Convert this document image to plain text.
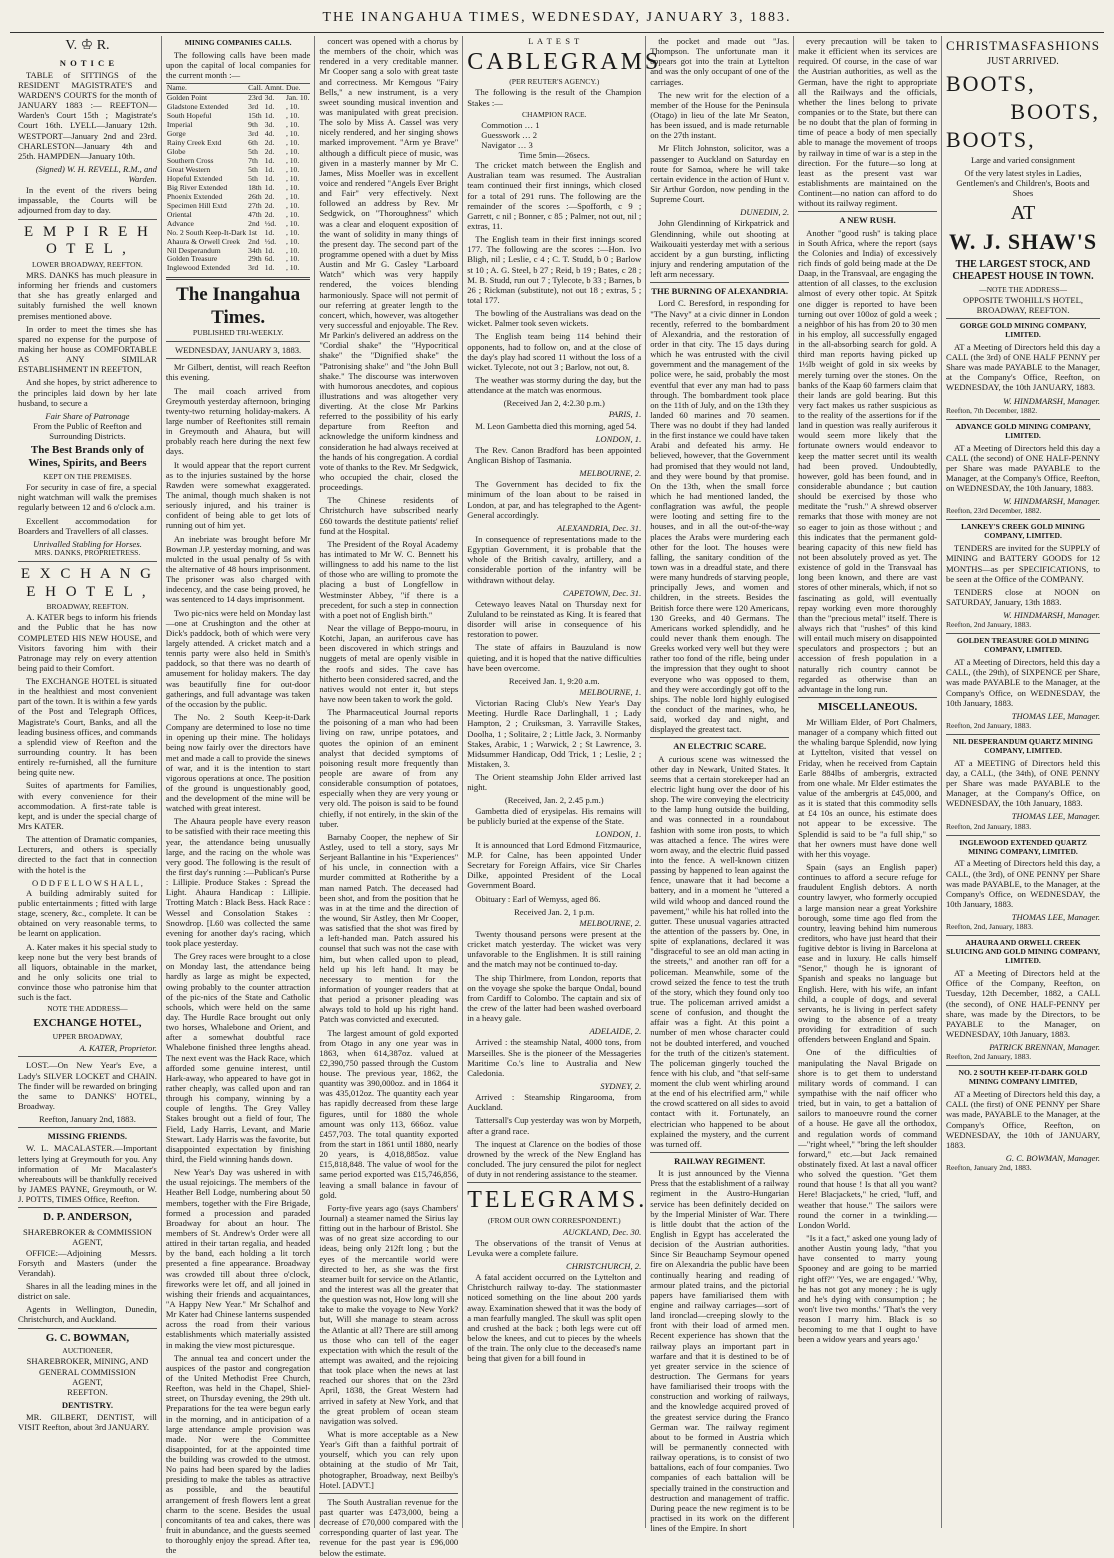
THE INANGAHUA TIMES, WEDNESDAY, JANUARY 3, 1883.
V. ♔ R.
N O T I C E

TABLE of SITTINGS of the RESIDENT MAGISTRATE'S and WARDEN'S COURTS for the month of JANUARY 1883 :— REEFTON—Warden's Court 15th ; Magistrate's Court 16th. LYELL—January 12th. WESTPORT—January 2nd and 23rd. CHARLESTON—January 4th and 25th. HAMPDEN—January 10th.

(Signed) W. H. REVELL, R.M., and Warden.

In the event of the rivers being impassable, the Courts will be adjourned from day to day.

E M P I R E H O T E L ,
LOWER BROADWAY, REEFTON.

MRS. DANKS has much pleasure in informing her friends and customers that she has greatly enlarged and suitably furnished the well known premises mentioned above.

In order to meet the times she has spared no expense for the purpose of making her house as COMFORTABLE AS ANY SIMILAR ESTABLISHMENT IN REEFTON,

And she hopes, by strict adherence to the principles laid down by her late husband, to secure a

Fair Share of Patronage
From the Public of Reefton and Surrounding Districts.
The Best Brands only of Wines, Spirits, and Beers
KEPT ON THE PREMISES.

For security in case of fire, a special night watchman will walk the premises regularly between 12 and 6 o'clock a.m.

Excellent accommodation for Boarders and Travellers of all classes.

Unrivalled Stabling for Horses.
MRS. DANKS, PROPRIETRESS.
E X C H A N G E H O T E L ,
BROADWAY, REEFTON.

A. KATER begs to inform his friends and the Public that he has now COMPLETED HIS NEW HOUSE, and Visitors favoring him with their Patronage may rely on every attention being paid to their Comfort.

The EXCHANGE HOTEL is situated in the healthiest and most convenient part of the town. It is within a few yards of the Post and Telegraph Offices, Magistrate's Court, Banks, and all the leading business offices, and commands a splendid view of Reefton and the surrounding country. It has been entirely re-furnished, all the furniture being quite new.

Suites of apartments for Families, with every convenience for their accommodation. A first-rate table is kept, and is under the special charge of Mrs KATER.

The attention of Dramatic companies, Lecturers, and others is specially directed to the fact that in connection with the hotel is the

O D D F E L L O W S H A L L ,

A building admirably suited for public entertainments ; fitted with large stage, scenery, &c., complete. It can be obtained on very reasonable terms, to be learnt on application.

A. Kater makes it his special study to keep none but the very best brands of all liquors, obtainable in the market, and he only solicits one trial to convince those who patronise him that such is the fact.

NOTE THE ADDRESS—
EXCHANGE HOTEL,
UPPER BROADWAY,
A. KATER, Proprietor.

LOST.—On New Year's Eve, a Lady's SILVER LOCKET and CHAIN. The finder will be rewarded on bringing the same to DANKS' HOTEL, Broadway.

Reefton, January 2nd, 1883.
MISSING FRIENDS.

W. L. MACALASTER.—Important letters lying at Greymouth for you. Any information of Mr Macalaster's whereabouts will be thankfully received by JAMES PAYNE, Greymouth, or W. J. POTTS, TIMES Office, Reefton.

D. P. ANDERSON,
SHAREBROKER & COMMISSION AGENT,

OFFICE:—Adjoining Messrs. Forsyth and Masters (under the Verandah).

Shares in all the leading mines in the district on sale.

Agents in Wellington, Dunedin, Christchurch, and Auckland.

G. C. BOWMAN,
AUCTIONEER,
SHAREBROKER, MINING, AND
GENERAL COMMISSION
AGENT,
REEFTON.
DENTISTRY.

MR. GILBERT, DENTIST, will VISIT Reefton, about 3rd JANUARY.

MINING COMPANIES CALLS.

The following calls have been made upon the capital of local companies for the current month :—

Name.	Call.	Amnt.	Due.
Golden Point	23rd	3d.	Jan. 10.
Gladstone Extended	3rd	1d.	, 10.
South Hopeful	15th	1d.	, 10.
Imperial	9th	3d.	, 10.
Gorge	3rd	4d.	, 10.
Rainy Creek Extd	6th	2d.	, 10.
Globe	5th	2d.	, 10.
Southern Cross	7th	1d.	, 10.
Great Western	5th	1d.	, 10.
Hopeful Extended	5th	1d.	, 10.
Big River Extended	18th	1d.	, 10.
Phoenix Extended	26th	2d.	, 10.
Specimen Hill Extd	27th	2d.	, 10.
Oriental	47th	2d.	, 10.
Advance	2nd	½d.	, 10.
No. 2 South Keep-It-Dark	1st	1d.	, 10.
Ahaura & Orwell Creek	2nd	½d.	, 10.
Nil Desperandum	34th	1d.	, 10.
Golden Treasure	29th	6d.	, 10.
Inglewood Extended	3rd	1d.	, 10.
The Inangahua Times.
PUBLISHED TRI-WEEKLY.
WEDNESDAY, JANUARY 3, 1883.

Mr Gilbert, dentist, will reach Reefton this evening.

The mail coach arrived from Greymouth yesterday afternoon, bringing twenty-two returning holiday-makers. A large number of Reeftonites still remain in Greymouth and Ahaura, but will probably reach here during the next few days.

It would appear that the report current as to the injuries sustained by the horse Rawden were somewhat exaggerated. The animal, though much shaken is not seriously injured, and his trainer is confident of being able to get lots of running out of him yet.

An inebriate was brought before Mr Bowman J.P. yesterday morning, and was mulcted in the usual penalty of 5s with the alternative of 48 hours imprisonment. The prisoner was also charged with indecency, and the case being proved, he was sentenced to 14 days imprisonment.

Two pic-nics were held on Monday last—one at Crushington and the other at Dick's paddock, both of which were very largely attended. A cricket match and a tennis party were also held in Smith's paddock, so that there was no dearth of amusement for holiday makers. The day was beautifully fine for out-door gatherings, and full advantage was taken of the occasion by the public.

The No. 2 South Keep-it-Dark Company are determined to lose no time in opening up their mine. The holidays being now fairly over the directors have met and made a call to provide the sinews of war, and it is the intention to start vigorous operations at once. The position of the ground is unquestionably good, and the development of the mine will be watched with great interest.

The Ahaura people have every reason to be satisfied with their race meeting this year, the attendance being unusually large, and the racing on the whole was very good. The following is the result of the first day's running :—Publican's Purse : Lillipie. Produce Stakes : Spread the Light. Ahaura Handicap : Lillipie. Trotting Match : Black Bess. Hack Race : Wessel and Consolation Stakes : Snowdrop. [L60 was collected the same evening for another day's racing, which took place yesterday.

The Grey races were brought to a close on Monday last, the attendance being hardly as large as might be expected, owing probably to the counter attraction of the pic-nics of the State and Catholic schools, which were held on the same day. The Hurdle Race brought out only two horses, Whalebone and Orient, and after a somewhat doubtful race Whalebone finished three lengths ahead. The next event was the Hack Race, which afforded some genuine interest, until Hark-away, who appeared to have got in rather cheaply, was called upon and ran through his company, winning by a couple of lengths. The Grey Valley Stakes brought out a field of four, The Field, Lady Harris, Levant, and Marie Stewart. Lady Harris was the favorite, but disappointed expectation by finishing third, the Field winning hands down.

New Year's Day was ushered in with the usual rejoicings. The members of the Heather Bell Lodge, numbering about 50 members, together with the Fire Brigade, formed a procession and paraded Broadway for about an hour. The members of St. Andrew's Order were all attired in their tartan regalia, and headed by the band, each holding a lit torch presented a fine appearance. Broadway was crowded till about three o'clock, fireworks were let off, and all joined in wishing their friends and acquaintances, "A Happy New Year." Mr Schalhof and Mr Kater had Chinese lanterns suspended across the road from their various establishments which materially assisted in making the view most picturesque.

The annual tea and concert under the auspices of the pastor and congregation of the United Methodist Free Church, Reefton, was held in the Chapel, Shiel-street, on Thursday evening, the 29th ult. Preparations for the tea were begun early in the morning, and in anticipation of a large attendance ample provision was made. Nor were the Committee disappointed, for at the appointed time the building was crowded to the utmost. No pains had been spared by the ladies presiding to make the tables as attractive as possible, and the beautiful arrangement of fresh flowers lent a great charm to the scene. Besides the usual concomitants of tea and cakes, there was fruit in abundance, and the guests seemed to thoroughly enjoy the spread. After tea, the

concert was opened with a chorus by the members of the choir, which was rendered in a very creditable manner. Mr Cooper sang a solo with great taste and correctness. Mr Kemgous "Fairy Bells," a new instrument, is a very sweet sounding musical invention and was manipulated with great precision. The solo by Miss A. Cassel was very nicely rendered, and her singing shows marked improvement. "Arm ye Brave" although a difficult piece of music, was given in a masterly manner by Mr C. James, Miss Moeller was in excellent voice and rendered "Angels Ever Bright and Fair" very effectively. Next followed an address by Rev. Mr Sedgwick, on "Thoroughness" which was a clear and eloquent exposition of the want of solidity in many things of the present day. The second part of the programme opened with a duet by Miss Austin and Mr G. Casley "Larboard Watch" which was very happily rendered, the voices blending harmoniously. Space will not permit of our referring at greater length to the concert, which, however, was altogether very successful and enjoyable. The Rev. Mr Parkin's delivered an address on the "Cordial shake" the "Hypocritical shake" the "Dignified shake" the "Patronising shake" and "the John Bull shake." The discourse was interwoven with humorous anecdotes, and copious illustrations and was altogether very diverting. At the close Mr Parkins referred to the possibility of his early departure from Reefton and acknowledge the uniform kindness and consideration he had always received at the hands of his congregation. A cordial vote of thanks to the Rev. Mr Sedgwick, who occupied the chair, closed the proceedings.

The Chinese residents of Christchurch have subscribed nearly £60 towards the destitute patients' relief fund at the Hospital.

The President of the Royal Academy has intimated to Mr W. C. Bennett his willingness to add his name to the list of those who are willing to promote the placing a bust of Longfellow in Westminster Abbey, "if there is a precedent, for such a step in connection with a poet not of English birth."

Near the village of Beppo-mouru, in Kotchi, Japan, an auriferous cave has been discovered in which strings and nuggets of metal are openly visible in the roofs and sides. The cave has hitherto been considered sacred, and the natives would not enter it, but steps have now been taken to work the gold.

The Pharmaceutical Journal reports the poisoning of a man who had been living on raw, unripe potatoes, and quotes the opinion of an eminent analyst that decided symptoms of poisoning result more frequently than people are aware of from any considerable consumption of potatoes, especially when they are very young or very old. The poison is said to be found chiefly, if not entirely, in the skin of the tuber.

Barnaby Cooper, the nephew of Sir Astley, used to tell a story, says Mr Serjeant Ballantine in his "Experiences" of his uncle, in connection with a murder committed at Rotherithe by a man named Patch. The deceased had been shot, and from the position that he was in at the time and the direction of the wound, Sir Astley, then Mr Cooper, was satisfied that the shot was fired by a left-handed man. Patch assured his counsel that such was not the case with him, but when called upon to plead, held up his left hand. It may be necessary to mention for the information of younger readers that at that period a prisoner pleading was always told to hold up his right hand. Patch was convicted and executed.

The largest amount of gold exported from Otago in any one year was in 1863, when 614,387oz. valued at £2,390,750 passed through the Custom house. The previous year, 1862, the quantity was 390,000oz. and in 1864 it was 435,012oz. The quantity each year has rapidly decreased from these large figures, until for 1880 the whole amount was only 113, 666oz. value £457,703. The total quantity exported from the start in 1861 until 1880, nearly 20 years, is 4,018,885oz. value £15,818,848. The value of wool for the same period exported was £15,746,856, leaving a small balance in favour of gold.

Forty-five years ago (says Chambers' Journal) a steamer named the Sirius lay fitting out in the harbour of Bristol. She was of no great size according to our ideas, being only 212ft long ; but the eyes of the mercantile world were directed to her, as she was the first steamer built for service on the Atlantic, and the interest was all the greater that the question was not, How long will she take to make the voyage to New York? but, Will she manage to steam across the Atlantic at all? There are still among us those who can tell of the eager expectation with which the result of the attempt was awaited, and the rejoicing that took place when the news at last reached our shores that on the 23rd April, 1838, the Great Western had arrived in safety at New York, and that the great problem of ocean steam navigation was solved.

What is more acceptable as a New Year's Gift than a faithful portrait of yourself, which you can rely upon obtaining at the studio of Mr Tait, photographer, Broadway, next Beilby's Hotel. [ADVT.]

The South Australian revenue for the past quarter was £473,000, being a decrease of £70,000 compared with the corresponding quarter of last year. The revenue for the past year is £96,000 below the estimate.

L A T E S T
CABLEGRAMS
(PER REUTER'S AGENCY.)

The following is the result of the Champion Stakes :—

CHAMPION RACE.
Commotion … 1
Guesswork … 2
Navigator … 3
Time 5min—26secs.

The cricket match between the English and Australian team was resumed. The Australian team continued their first innings, which closed for a total of 291 runs. The following are the remainder of the scores :—Spofforth, c 9 ; Garrett, c nil ; Bonner, c 85 ; Palmer, not out, nil ; extras, 11.

The English team in their first innings scored 177. The following are the scores :—Hon. Ivo Bligh, nil ; Leslie, c 4 ; C. T. Studd, b 0 ; Barlow st 10 ; A. G. Steel, b 27 ; Reid, b 19 ; Bates, c 28 ; M. B. Studd, run out 7 ; Tylecote, b 33 ; Barnes, b 26 ; Rickman (substitute), not out 18 ; extras, 5 ; total 177.

The bowling of the Australians was dead on the wicket. Palmer took seven wickets.

The English team being 114 behind their opponents, had to follow on, and at the close of the day's play had scored 11 without the loss of a wicket. Tylecote, not out 3 ; Barlow, not out, 8.

The weather was stormy during the day, but the attendance at the match was enormous.

(Received Jan 2, 4:2.30 p.m.)
PARIS, 1.

M. Leon Gambetta died this morning, aged 54.

LONDON, 1.

The Rev. Canon Bradford has been appointed Anglican Bishop of Tasmania.

MELBOURNE, 2.

The Government has decided to fix the minimum of the loan about to be raised in London, at par, and has telegraphed to the Agent-General accordingly.

ALEXANDRIA, Dec. 31.

In consequence of representations made to the Egyptian Government, it is probable that the whole of the British cavalry, artillery, and a considerable portion of the infantry will be withdrawn without delay.

CAPETOWN, Dec. 31.

Cetewayo leaves Natal on Thursday next for Zululand to be reinstated as King. It is feared that disorder will arise in consequence of his restoration to power.

The state of affairs in Bauzuland is now quieting, and it is hoped that the native difficulties have been overcome.

Received Jan. 1, 9:20 a.m.
MELBOURNE, 1.

Victorian Racing Club's New Year's Day Meeting. Hurdle Race Darlinghall, 1 ; Lady Hampton, 2 ; Cruiksman, 3. Yarraville Stakes, Doolha, 1 ; Solitaire, 2 ; Little Jack, 3. Normanby Stakes, Arabic, 1 ; Warwick, 2 ; St Lawrence, 3. Midsummer Handicap, Odd Trick, 1 ; Leslie, 2 ; Mistaken, 3.

The Orient steamship John Elder arrived last night.

(Received, Jan. 2, 2.45 p.m.)

Gambetta died of erysipelas. His remains will be publicly buried at the expense of the State.

LONDON, 1.

It is announced that Lord Edmond Fitzmaurice, M.P. for Calne, has been appointed Under Secretary for Foreign Affairs, vice Sir Charles Dilke, appointed President of the Local Government Board.

Obituary : Earl of Wemyss, aged 86.

Received Jan. 2, 1 p.m.
MELBOURNE, 2.

Twenty thousand persons were present at the cricket match yesterday. The wicket was very unfavorable to the Englishmen. It is still raining and the match may not be continued to-day.

The ship Thirlmere, from London, reports that on the voyage she spoke the barque Ondal, bound from Cardiff to Colombo. The captain and six of the crew of the latter had been washed overboard in a heavy gale.

ADELAIDE, 2.

Arrived : the steamship Natal, 4000 tons, from Marseilles. She is the pioneer of the Messageries Maritime Co.'s line to Australia and New Caledonia.

SYDNEY, 2.

Arrived : Steamship Ringarooma, from Auckland.

Tattersall's Cup yesterday was won by Morpeth, after a grand race.

The inquest at Clarence on the bodies of those drowned by the wreck of the New England has concluded. The jury censured the pilot for neglect of duty in not rendering assistance to the steamer.

TELEGRAMS.
(FROM OUR OWN CORRESPONDENT.)
AUCKLAND, Dec. 30.

The observations of the transit of Venus at Levuka were a complete failure.

CHRISTCHURCH, 2.

A fatal accident occurred on the Lyttelton and Christchurch railway to-day. The stationmaster noticed something on the line about 200 yards away. Examination shewed that it was the body of a man fearfully mangled. The skull was split open and crushed at the back ; both legs were cut off below the knees, and cut to pieces by the wheels of the train. The only clue to the deceased's name being that given for a bill found in

the pocket and made out "Jas. Thompson. The unfortunate man it appears got into the train at Lyttelton and was the only occupant of one of the carriages.

The new writ for the election of a member of the House for the Peninsula (Otago) in lieu of the late Mr Seaton, has been issued, and is made returnable on the 27th instant.

Mr Flitch Johnston, solicitor, was a passenger to Auckland on Saturday en route for Samoa, where he will take certain evidence in the action of Hunt v. Sir Arthur Gordon, now pending in the Supreme Court.

DUNEDIN, 2.

John Glendinning of Kirkpatrick and Glendinning, while out shooting at Waikouaiti yesterday met with a serious accident by a gun bursting, inflicting injury and rendering amputation of the left arm necessary.

THE BURNING OF ALEXANDRIA.

Lord C. Beresford, in responding for "The Navy" at a civic dinner in London recently, referred to the bombardment of Alexandria, and the restoration of order in that city. The 15 days during which he was entrusted with the civil government and the management of the police were, he said, probably the most eventful that ever any man had to pass through. The bombardment took place on the 11th of July, and on the 13th they landed 60 marines and 70 seamen. There was no doubt if they had landed in the first instance we could have taken Arabi and defeated his army. He believed, however, that the Government had promised that they would not land, and they were bound by that promise. On the 13th, when the small force which he had mentioned landed, the conflagration was awful, the people were looting and setting fire to the houses, and in all the out-of-the-way places the Arabs were murdering each other for the loot. The houses were falling, the sanitary condition of the town was in a dreadful state, and there were many hundreds of starving people, principally Jews, and women and children, in the streets. Besides the British force there were 120 Americans, 130 Greeks, and 40 Germans. The Americans worked splendidly, and he could never thank them enough. The Greeks worked very well but they were rather too fond of the rifle, being under the impression that they ought to shoot everyone who was opposed to them, and they were accordingly got off to the ships. The noble lord highly eulogised the conduct of the marines, who, he said, worked day and night, and displayed the greatest tact.

AN ELECTRIC SCARE.

A curious scene was witnessed the other day in Newark, United States. It seems that a certain storekeeper had an electric light hung over the door of his shop. The wire conveying the electricity to the lamp hung outside the building, and was connected in a roundabout fashion with some iron posts, to which was attached a fence. The wires were worn away, and the electric fluid passed into the fence. A well-known citizen passing by happened to lean against the fence, unaware that it had become a battery, and in a moment he "uttered a wild wild whoop and danced round the pavement," while his hat rolled into the gutter. These unusual vagaries attracted the attention of the passers by. One, in spite of explanations, declared it was "disgraceful to see an old man acting in the streets," and another ran off for a policeman. Meanwhile, some of the crowd seized the fence to test the truth of the story, which they found only too true. The policeman arrived amidst a scene of confusion, and thought the affair was a fight. At this point a number of men whose character could not be doubted interfered, and vouched for the truth of the citizen's statement. The policeman gingerly touched the fence with his club, and "that self-same moment the club went whirling around at the end of his electrified arm," while the crowd scattered on all sides to avoid contact with it. Fortunately, an electrician who happened to be about explained the mystery, and the current was turned off.

RAILWAY REGIMENT.

It is just announced by the Vienna Press that the establishment of a railway regiment in the Austro-Hungarian service has been definitely decided on by the Imperial Minister of War. There is little doubt that the action of the English in Egypt has accelerated the decision of the Austrian authorities. Since Sir Beauchamp Seymour opened fire on Alexandria the public have been continually hearing and reading of armour plated trains, and the pictorial papers have familiarised them with engine and railway carriages—sort of land ironclad—creeping slowly to the front with their load of armed men. Recent experience has shown that the railway plays an important part in warfare and that it is destined to be of yet greater service in the science of destruction. The Germans for years have familiarised their troops with the construction and working of railways, and the knowledge acquired proved of the greatest service during the Franco German war. The railway regiment about to be formed in Austria which will be permanently connected with railway operations, is to consist of two battalions, each of four companies. Two companies of each battalion will be specially trained in the construction and destruction and management of traffic. During peace the new regiment is to be practised in its work on the different lines of the Empire. In short

every precaution will be taken to make it efficient when its services are required. Of course, in the case of war the Austrian authorities, as well as the German, have the right to appropriate all the Railways and the officials, whether the lines belong to private companies or to the State, but there can be no doubt that the plan of forming in time of peace a body of men specially able to manage the movement of troops by railway in time of war is a step in the direction. For the future—so long at least as the present vast war establishments are maintained on the Continent—no nation can afford to do without its railway regiment.

A NEW RUSH.

Another "good rush" is taking place in South Africa, where the report (says the Colonies and India) of excessively rich finds of gold being made at the De Daap, in the Transvaal, are engaging the attention of all classes, to the exclusion almost of every other topic. At Spitzk one digger is reported to have been turning out over 100oz of gold a week ; a neighbor of his has from 20 to 30 men in his employ, all successfully engaged in the all-absorbing search for gold. A third man reports having picked up 1½lb weight of gold in six weeks by merely turning over the stones. On the banks of the Kaap 60 farmers claim that their lands are gold bearing. But this very fact makes us rather suspicious as to the reality of the assertions for if the land in question was really auriferous it would seem more likely that the fortunate owners would endeavor to keep the matter secret until its wealth had been proved. Undoubtedly, however, gold has been found, and in considerable abundance ; but caution should be exercised by those who meditate the "rush." A shrewd observer remarks that those with money are not so eager to join as those without ; and this indicates that the permanent gold-bearing capacity of this new field has not been absolutely proved as yet. The existence of gold in the Transvaal has long been known, and there are vast stores of other minerals, which, if not so fascinating as gold, will eventually repay working even more thoroughly than the "precious metal" itself. There is always rich that "rushes" of this kind will entail much misery on disappointed speculators and prospectors ; but an accession of fresh population in a naturally rich country cannot be regarded as otherwise than an advantage in the long run.

MISCELLANEOUS.

Mr William Elder, of Port Chalmers, manager of a company which fitted out the whaling barque Splendid, now lying at Lyttelton, visited that vessel on Friday, when he received from Captain Earle 884lbs of ambergris, extracted from one whale. Mr Elder estimates the value of the ambergris at £45,000, and as it is stated that this commodity sells at £4 10s an ounce, his estimate does not appear to be excessive. The Splendid is said to be "a full ship," so that her owners must have done well with her this voyage.

Spain (says an English paper) continues to afford a secure refuge for fraudulent English debtors. A north country lawyer, who formerly occupied a large mansion near a great Yorkshire borough, some time ago fled from the country, leaving behind him numerous creditors, who have just heard that their fugitive debtor is living in Barcelona at ease and in luxury. He calls himself "Senor," though he is ignorant of Spanish and speaks no language but English. Here, with his wife, an infant child, a couple of dogs, and several servants, he is living in perfect safety owing to the absence of a treaty providing for extradition of such offenders between England and Spain.

One of the difficulties of manipulating the Naval Brigade on shore is to get them to understand military words of command. I can sympathise with the naif officer who tried, but in vain, to get a battalion of sailors to manoeuvre round the corner of a house. He gave all the orthodox, and regulation words of command—"right wheel," "bring the left shoulder forward," etc.—but Jack remained obstinately fixed. At last a naval officer who solved the question. "Get them round that house ! Is that all you want? Here! Blacjackets," he cried, "luff, and weather that house." The sailors were round the corner in a twinkling.—London World.

"Is it a fact," asked one young lady of another Austin young lady, "that you have consented to marry young Spooney and are going to be married right off?" 'Yes, we are engaged.' 'Why, he has not got any money ; he is ugly and he's dying with consumption ; he won't live two months.' 'That's the very reason I marry him. Black is so becoming to me that I ought to have been a widow years and years ago.'

CHRISTMAS FASHIONS
JUST ARRIVED.
BOOTS,
BOOTS,
BOOTS,
Large and varied consignment
Of the very latest styles in Ladies, Gentlemen's and Children's, Boots and Shoes
AT
W. J. SHAW'S
THE LARGEST STOCK, AND CHEAPEST HOUSE IN TOWN.
—NOTE THE ADDRESS—
OPPOSITE TWOHILL'S HOTEL, BROADWAY, REEFTON.
GORGE GOLD MINING COMPANY, LIMITED.

AT a Meeting of Directors held this day a CALL (the 3rd) of ONE HALF PENNY per Share was made PAYABLE to the Manager, at the Company's Office, Reefton, on WEDNESDAY, the 10th JANUARY, 1883.

W. HINDMARSH, Manager.
Reefton, 7th December, 1882.
ADVANCE GOLD MINING COMPANY, LIMITED.

AT a Meeting of Directors held this day a CALL (the second) of ONE HALF-PENNY per Share was made PAYABLE to the Manager, at the Company's Office, Reefton, on WEDNESDAY, the 10th January, 1883.

W. HINDMARSH, Manager.
Reefton, 23rd December, 1882.
LANKEY'S CREEK GOLD MINING COMPANY, LIMITED.

TENDERS are invited for the SUPPLY of MINING and BATTERY GOODS for 12 MONTHS—as per SPECIFICATIONS, to be seen at the Office of the COMPANY.

TENDERS close at NOON on SATURDAY, January, 13th 1883.

W. HINDMARSH, Manager.
Reefton, 2nd January, 1883.
GOLDEN TREASURE GOLD MINING COMPANY, LIMITED.

AT a Meeting of Directors, held this day a CALL, (the 29th), of SIXPENCE per Share, was made PAYABLE to the Manager, at the Company's Office, on WEDNESDAY, the 10th January, 1883.

THOMAS LEE, Manager.
Reefton, 2nd January, 1883.
NIL DESPERANDUM QUARTZ MINING COMPANY, LIMITED.

AT a MEETING of Directors held this day, a CALL, (the 34th), of ONE PENNY per Share was made PAYABLE to the Manager, at the Company's Office, on WEDNESDAY, the 10th January, 1883.

THOMAS LEE, Manager.
Reefton, 2nd January, 1883.
INGLEWOOD EXTENDED QUARTZ MINING COMPANY, LIMITED.

AT a Meeting of Directors held this day, a CALL, (the 3rd), of ONE PENNY per Share was made PAYABLE, to the Manager, at the Company's Office, on WEDNESDAY, the 10th January, 1883.

THOMAS LEE, Manager.
Reefton, 2nd, January, 1883.
AHAURA AND ORWELL CREEK SLUICING AND GOLD MINING COMPANY, LIMITED.

AT a Meeting of Directors held at the Office of the Company, Reefton, on Tuesday, 12th December, 1882, a CALL (the second), of ONE HALF-PENNY per share, was made by the Directors, to be PAYABLE to the Manager, on WEDNESDAY, 10th January, 1883.

PATRICK BRENNAN, Manager.
Reefton, 2nd January, 1883.
NO. 2 SOUTH KEEP-IT-DARK GOLD MINING COMPANY LIMITED,

AT a Meeting of Directors held this day, a CALL (the first) of ONE PENNY per Share was made, PAYABLE to the Manager, at the Company's Office, Reefton, on WEDNESDAY, the 10th of JANUARY, 1883.

G. C. BOWMAN, Manager.
Reefton, January 2nd, 1883.
